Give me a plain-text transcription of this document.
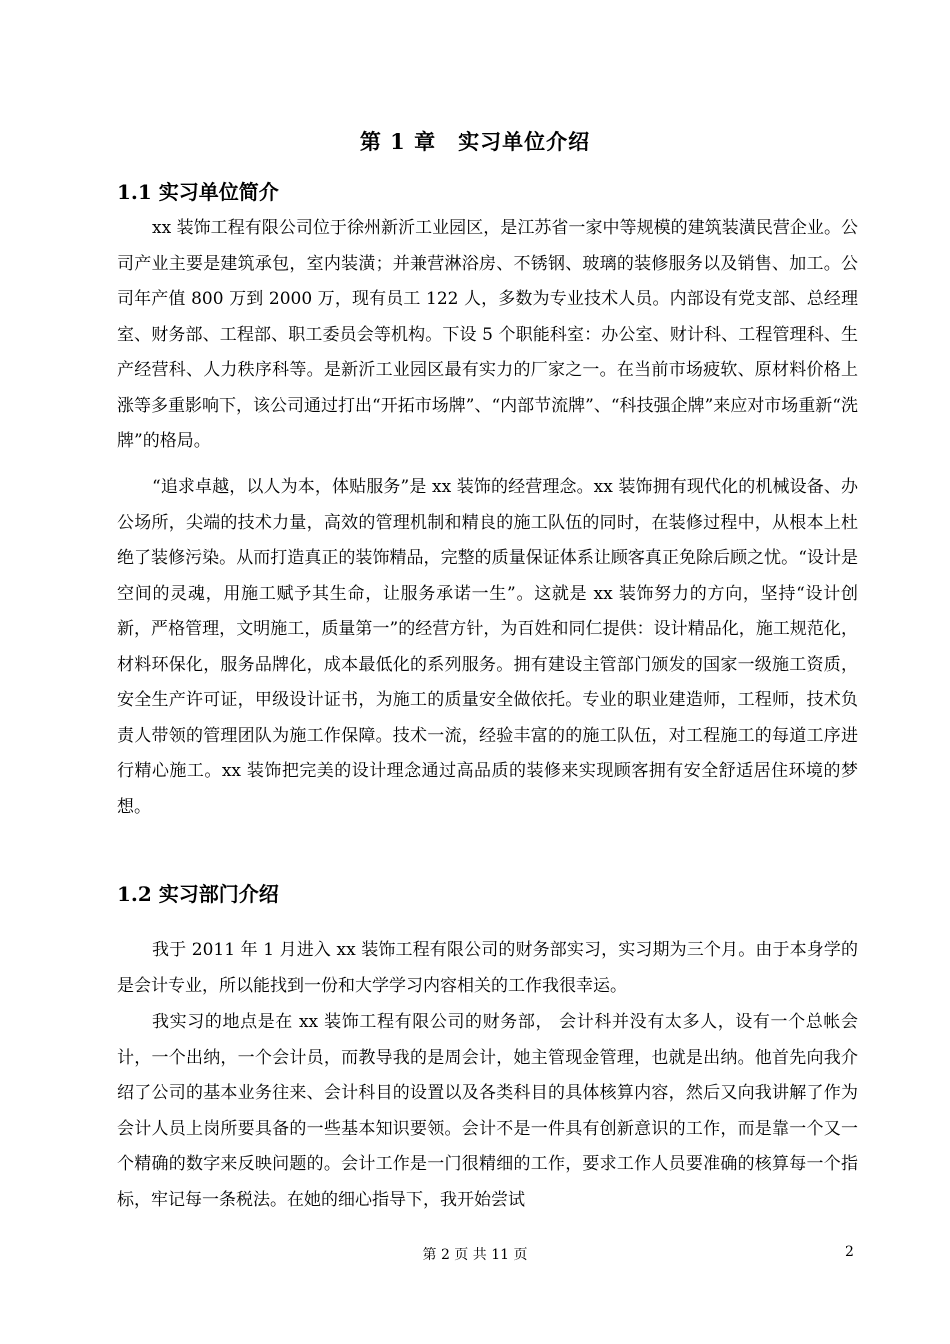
第 1 章　实习单位介绍
1.1 实习单位简介

xx 装饰工程有限公司位于徐州新沂工业园区，是江苏省一家中等规模的建筑装潢民营企业。公司产业主要是建筑承包，室内装潢；并兼营淋浴房、不锈钢、玻璃的装修服务以及销售、加工。公司年产值 800 万到 2000 万，现有员工 122 人，多数为专业技术人员。内部设有党支部、总经理室、财务部、工程部、职工委员会等机构。下设 5 个职能科室：办公室、财计科、工程管理科、生产经营科、人力秩序科等。是新沂工业园区最有实力的厂家之一。在当前市场疲软、原材料价格上涨等多重影响下，该公司通过打出“开拓市场牌”、“内部节流牌”、“科技强企牌”来应对市场重新“洗牌”的格局。

“追求卓越，以人为本，体贴服务”是 xx 装饰的经营理念。xx 装饰拥有现代化的机械设备、办公场所，尖端的技术力量，高效的管理机制和精良的施工队伍的同时，在装修过程中，从根本上杜绝了装修污染。从而打造真正的装饰精品，完整的质量保证体系让顾客真正免除后顾之忧。“设计是空间的灵魂，用施工赋予其生命，让服务承诺一生”。这就是 xx 装饰努力的方向，坚持“设计创新，严格管理，文明施工，质量第一”的经营方针，为百姓和同仁提供：设计精品化，施工规范化，材料环保化，服务品牌化，成本最低化的系列服务。拥有建设主管部门颁发的国家一级施工资质，安全生产许可证，甲级设计证书，为施工的质量安全做依托。专业的职业建造师，工程师，技术负责人带领的管理团队为施工作保障。技术一流，经验丰富的的施工队伍，对工程施工的每道工序进行精心施工。xx 装饰把完美的设计理念通过高品质的装修来实现顾客拥有安全舒适居住环境的梦想。

1.2 实习部门介绍

我于 2011 年 1 月进入 xx 装饰工程有限公司的财务部实习，实习期为三个月。由于本身学的是会计专业，所以能找到一份和大学学习内容相关的工作我很幸运。

我实习的地点是在 xx 装饰工程有限公司的财务部， 会计科并没有太多人，设有一个总帐会计，一个出纳，一个会计员，而教导我的是周会计，她主管现金管理，也就是出纳。他首先向我介绍了公司的基本业务往来、会计科目的设置以及各类科目的具体核算内容，然后又向我讲解了作为会计人员上岗所要具备的一些基本知识要领。会计不是一件具有创新意识的工作，而是靠一个又一个精确的数字来反映问题的。会计工作是一门很精细的工作，要求工作人员要准确的核算每一个指标，牢记每一条税法。在她的细心指导下，我开始尝试

第 2 页 共 11 页	2
